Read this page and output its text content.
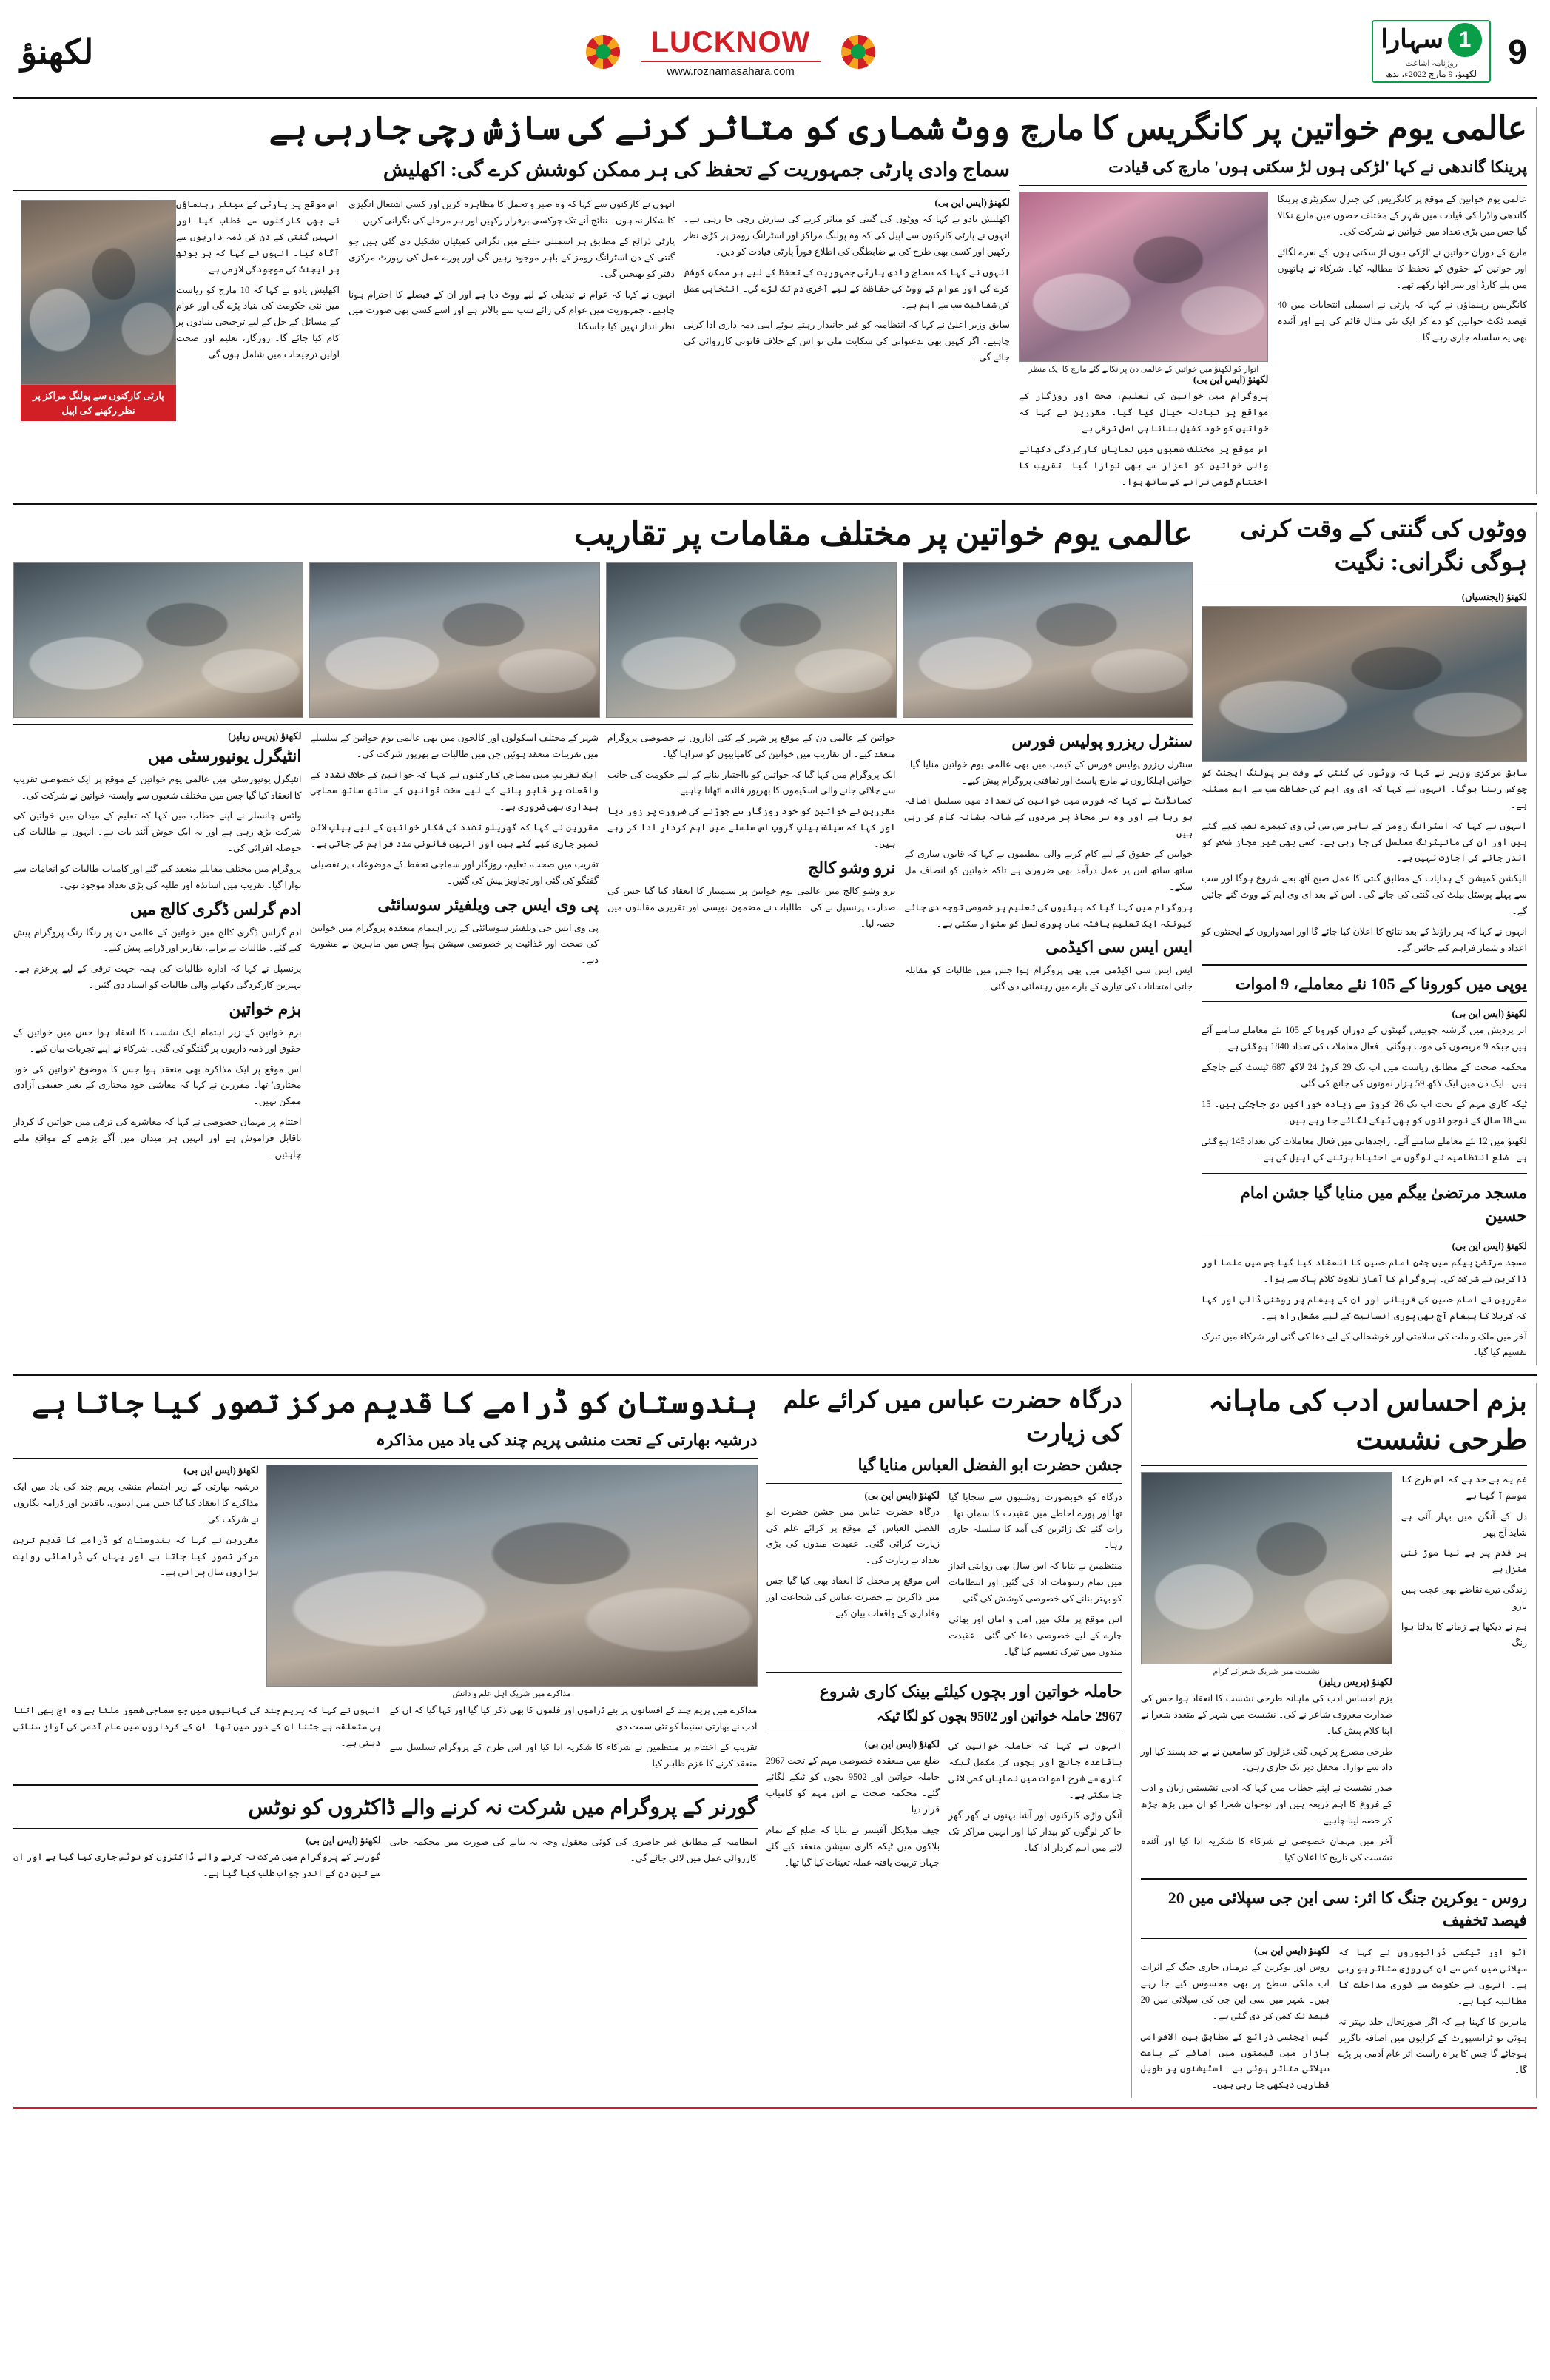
9
1
سہارا
روزنامہ اشاعت
لکھنؤ، 9 مارچ 2022ء، بدھ
LUCKNOW
www.roznamasahara.com
لکھنؤ
عالمی یوم خواتین پر کانگریس کا مارچ
پرینکا گاندھی نے کہا 'لڑکی ہوں لڑ سکتی ہوں' مارچ کی قیادت

عالمی یوم خواتین کے موقع پر کانگریس کی جنرل سکریٹری پرینکا گاندھی واڈرا کی قیادت میں شہر کے مختلف حصوں میں مارچ نکالا گیا جس میں بڑی تعداد میں خواتین نے شرکت کی۔

مارچ کے دوران خواتین نے 'لڑکی ہوں لڑ سکتی ہوں' کے نعرے لگائے اور خواتین کے حقوق کے تحفظ کا مطالبہ کیا۔ شرکاء نے ہاتھوں میں پلے کارڈ اور بینر اٹھا رکھے تھے۔

کانگریس رہنماؤں نے کہا کہ پارٹی نے اسمبلی انتخابات میں 40 فیصد ٹکٹ خواتین کو دے کر ایک نئی مثال قائم کی ہے اور آئندہ بھی یہ سلسلہ جاری رہے گا۔

اتوار کو لکھنؤ میں خواتین کے عالمی دن پر نکالے گئے مارچ کا ایک منظر
لکھنؤ (ایس این بی)

پروگرام میں خواتین کی تعلیم، صحت اور روزگار کے مواقع پر تبادلہ خیال کیا گیا۔ مقررین نے کہا کہ خواتین کو خود کفیل بنانا ہی اصل ترقی ہے۔

اس موقع پر مختلف شعبوں میں نمایاں کارکردگی دکھانے والی خواتین کو اعزاز سے بھی نوازا گیا۔ تقریب کا اختتام قومی ترانے کے ساتھ ہوا۔

ووٹ شماری کو متاثر کرنے کی سازش رچی جارہی ہے
سماج وادی پارٹی جمہوریت کے تحفظ کی ہر ممکن کوشش کرے گی: اکھلیش
لکھنؤ (ایس این بی)

اکھلیش یادو نے کہا کہ ووٹوں کی گنتی کو متاثر کرنے کی سازش رچی جا رہی ہے۔ انہوں نے پارٹی کارکنوں سے اپیل کی کہ وہ پولنگ مراکز اور اسٹرانگ رومز پر کڑی نظر رکھیں اور کسی بھی طرح کی بے ضابطگی کی اطلاع فوراً پارٹی قیادت کو دیں۔

انہوں نے کہا کہ سماج وادی پارٹی جمہوریت کے تحفظ کے لیے ہر ممکن کوشش کرے گی اور عوام کے ووٹ کی حفاظت کے لیے آخری دم تک لڑے گی۔ انتخابی عمل کی شفافیت سب سے اہم ہے۔

سابق وزیر اعلیٰ نے کہا کہ انتظامیہ کو غیر جانبدار رہتے ہوئے اپنی ذمہ داری ادا کرنی چاہیے۔ اگر کہیں بھی بدعنوانی کی شکایت ملی تو اس کے خلاف قانونی کارروائی کی جائے گی۔

انہوں نے کارکنوں سے کہا کہ وہ صبر و تحمل کا مظاہرہ کریں اور کسی اشتعال انگیزی کا شکار نہ ہوں۔ نتائج آنے تک چوکسی برقرار رکھیں اور ہر مرحلے کی نگرانی کریں۔

پارٹی ذرائع کے مطابق ہر اسمبلی حلقے میں نگرانی کمیٹیاں تشکیل دی گئی ہیں جو گنتی کے دن اسٹرانگ رومز کے باہر موجود رہیں گی اور پورے عمل کی رپورٹ مرکزی دفتر کو بھیجیں گی۔

انہوں نے کہا کہ عوام نے تبدیلی کے لیے ووٹ دیا ہے اور ان کے فیصلے کا احترام ہونا چاہیے۔ جمہوریت میں عوام کی رائے سب سے بالاتر ہے اور اسے کسی بھی صورت میں نظر انداز نہیں کیا جاسکتا۔

پارٹی کارکنوں سے پولنگ مراکز پر نظر رکھنے کی اپیل

اس موقع پر پارٹی کے سینئر رہنماؤں نے بھی کارکنوں سے خطاب کیا اور انہیں گنتی کے دن کی ذمہ داریوں سے آگاہ کیا۔ انہوں نے کہا کہ ہر بوتھ پر ایجنٹ کی موجودگی لازمی ہے۔

اکھلیش یادو نے کہا کہ 10 مارچ کو ریاست میں نئی حکومت کی بنیاد پڑے گی اور عوام کے مسائل کے حل کے لیے ترجیحی بنیادوں پر کام کیا جائے گا۔ روزگار، تعلیم اور صحت اولین ترجیحات میں شامل ہوں گی۔

ووٹوں کی گنتی کے وقت کرنی ہوگی نگرانی: نگیت
لکھنؤ (ایجنسیاں)

سابق مرکزی وزیر نے کہا کہ ووٹوں کی گنتی کے وقت ہر پولنگ ایجنٹ کو چوکس رہنا ہوگا۔ انہوں نے کہا کہ ای وی ایم کی حفاظت سب سے اہم مسئلہ ہے۔

انہوں نے کہا کہ اسٹرانگ رومز کے باہر سی سی ٹی وی کیمرے نصب کیے گئے ہیں اور ان کی مانیٹرنگ مسلسل کی جا رہی ہے۔ کسی بھی غیر مجاز شخص کو اندر جانے کی اجازت نہیں ہے۔

الیکشن کمیشن کے ہدایات کے مطابق گنتی کا عمل صبح آٹھ بجے شروع ہوگا اور سب سے پہلے پوسٹل بیلٹ کی گنتی کی جائے گی۔ اس کے بعد ای وی ایم کے ووٹ گنے جائیں گے۔

انہوں نے کہا کہ ہر راؤنڈ کے بعد نتائج کا اعلان کیا جائے گا اور امیدواروں کے ایجنٹوں کو اعداد و شمار فراہم کیے جائیں گے۔

یوپی میں کورونا کے 105 نئے معاملے، 9 اموات
لکھنؤ (ایس این بی)

اتر پردیش میں گزشتہ چوبیس گھنٹوں کے دوران کورونا کے 105 نئے معاملے سامنے آئے ہیں جبکہ 9 مریضوں کی موت ہوگئی۔ فعال معاملات کی تعداد 1840 ہوگئی ہے۔

محکمہ صحت کے مطابق ریاست میں اب تک 29 کروڑ 24 لاکھ 687 ٹیسٹ کیے جاچکے ہیں۔ ایک دن میں ایک لاکھ 59 ہزار نمونوں کی جانچ کی گئی۔

ٹیکہ کاری مہم کے تحت اب تک 26 کروڑ سے زیادہ خوراکیں دی جاچکی ہیں۔ 15 سے 18 سال کے نوجوانوں کو بھی ٹیکے لگائے جا رہے ہیں۔

لکھنؤ میں 12 نئے معاملے سامنے آئے۔ راجدھانی میں فعال معاملات کی تعداد 145 ہوگئی ہے۔ ضلع انتظامیہ نے لوگوں سے احتیاط برتنے کی اپیل کی ہے۔

مسجد مرتضیٰ بیگم میں منایا گیا جشن امام حسین
لکھنؤ (ایس این بی)

مسجد مرتضیٰ بیگم میں جشن امام حسین کا انعقاد کیا گیا جس میں علما اور ذاکرین نے شرکت کی۔ پروگرام کا آغاز تلاوت کلام پاک سے ہوا۔

مقررین نے امام حسین کی قربانی اور ان کے پیغام پر روشنی ڈالی اور کہا کہ کربلا کا پیغام آج بھی پوری انسانیت کے لیے مشعل راہ ہے۔

آخر میں ملک و ملت کی سلامتی اور خوشحالی کے لیے دعا کی گئی اور شرکاء میں تبرک تقسیم کیا گیا۔

عالمی یوم خواتین پر مختلف مقامات پر تقاریب
سنٹرل ریزرو پولیس فورس

سنٹرل ریزرو پولیس فورس کے کیمپ میں بھی عالمی یوم خواتین منایا گیا۔ خواتین اہلکاروں نے مارچ پاسٹ اور ثقافتی پروگرام پیش کیے۔

کمانڈنٹ نے کہا کہ فورس میں خواتین کی تعداد میں مسلسل اضافہ ہو رہا ہے اور وہ ہر محاذ پر مردوں کے شانہ بشانہ کام کر رہی ہیں۔

خواتین کے حقوق کے لیے کام کرنے والی تنظیموں نے کہا کہ قانون سازی کے ساتھ ساتھ اس پر عمل درآمد بھی ضروری ہے تاکہ خواتین کو انصاف مل سکے۔

پروگرام میں کہا گیا کہ بیٹیوں کی تعلیم پر خصوصی توجہ دی جائے کیونکہ ایک تعلیم یافتہ ماں پوری نسل کو سنوار سکتی ہے۔

ایس ایس سی اکیڈمی

ایس ایس سی اکیڈمی میں بھی پروگرام ہوا جس میں طالبات کو مقابلہ جاتی امتحانات کی تیاری کے بارے میں رہنمائی دی گئی۔

خواتین کے عالمی دن کے موقع پر شہر کے کئی اداروں نے خصوصی پروگرام منعقد کیے۔ ان تقاریب میں خواتین کی کامیابیوں کو سراہا گیا۔

ایک پروگرام میں کہا گیا کہ خواتین کو بااختیار بنانے کے لیے حکومت کی جانب سے چلائی جانے والی اسکیموں کا بھرپور فائدہ اٹھانا چاہیے۔

مقررین نے خواتین کو خود روزگار سے جوڑنے کی ضرورت پر زور دیا اور کہا کہ سیلف ہیلپ گروپ اس سلسلے میں اہم کردار ادا کر رہے ہیں۔

نرو وشو کالج

نرو وشو کالج میں عالمی یوم خواتین پر سیمینار کا انعقاد کیا گیا جس کی صدارت پرنسپل نے کی۔ طالبات نے مضمون نویسی اور تقریری مقابلوں میں حصہ لیا۔

شہر کے مختلف اسکولوں اور کالجوں میں بھی عالمی یوم خواتین کے سلسلے میں تقریبات منعقد ہوئیں جن میں طالبات نے بھرپور شرکت کی۔

ایک تقریب میں سماجی کارکنوں نے کہا کہ خواتین کے خلاف تشدد کے واقعات پر قابو پانے کے لیے سخت قوانین کے ساتھ ساتھ سماجی بیداری بھی ضروری ہے۔

مقررین نے کہا کہ گھریلو تشدد کی شکار خواتین کے لیے ہیلپ لائن نمبر جاری کیے گئے ہیں اور انہیں قانونی مدد فراہم کی جاتی ہے۔

تقریب میں صحت، تعلیم، روزگار اور سماجی تحفظ کے موضوعات پر تفصیلی گفتگو کی گئی اور تجاویز پیش کی گئیں۔

پی وی ایس جی ویلفیئر سوسائٹی

پی وی ایس جی ویلفیئر سوسائٹی کے زیر اہتمام منعقدہ پروگرام میں خواتین کی صحت اور غذائیت پر خصوصی سیشن ہوا جس میں ماہرین نے مشورے دیے۔

لکھنؤ (پریس ریلیز)
انٹیگرل یونیورسٹی میں

انٹیگرل یونیورسٹی میں عالمی یوم خواتین کے موقع پر ایک خصوصی تقریب کا انعقاد کیا گیا جس میں مختلف شعبوں سے وابستہ خواتین نے شرکت کی۔

وائس چانسلر نے اپنے خطاب میں کہا کہ تعلیم کے میدان میں خواتین کی شرکت بڑھ رہی ہے اور یہ ایک خوش آئند بات ہے۔ انہوں نے طالبات کی حوصلہ افزائی کی۔

پروگرام میں مختلف مقابلے منعقد کیے گئے اور کامیاب طالبات کو انعامات سے نوازا گیا۔ تقریب میں اساتذہ اور طلبہ کی بڑی تعداد موجود تھی۔

ادم گرلس ڈگری کالج میں

ادم گرلس ڈگری کالج میں خواتین کے عالمی دن پر رنگا رنگ پروگرام پیش کیے گئے۔ طالبات نے ترانے، تقاریر اور ڈرامے پیش کیے۔

پرنسپل نے کہا کہ ادارہ طالبات کی ہمہ جہت ترقی کے لیے پرعزم ہے۔ بہترین کارکردگی دکھانے والی طالبات کو اسناد دی گئیں۔

بزم خواتین

بزم خواتین کے زیر اہتمام ایک نشست کا انعقاد ہوا جس میں خواتین کے حقوق اور ذمہ داریوں پر گفتگو کی گئی۔ شرکاء نے اپنے تجربات بیان کیے۔

اس موقع پر ایک مذاکرہ بھی منعقد ہوا جس کا موضوع 'خواتین کی خود مختاری' تھا۔ مقررین نے کہا کہ معاشی خود مختاری کے بغیر حقیقی آزادی ممکن نہیں۔

اختتام پر مہمان خصوصی نے کہا کہ معاشرے کی ترقی میں خواتین کا کردار ناقابل فراموش ہے اور انہیں ہر میدان میں آگے بڑھنے کے مواقع ملنے چاہئیں۔

بزم احساس ادب کی ماہانہ طرحی نشست

غم یہ بے حد ہے کہ اس طرح کا موسم آ گیا ہے

دل کے آنگن میں بہار آئی ہے شاید آج پھر

ہر قدم پر ہے نیا موڑ نئی منزل ہے

زندگی تیرے تقاضے بھی عجب ہیں یارو

ہم نے دیکھا ہے زمانے کا بدلتا ہوا رنگ

نشست میں شریک شعرائے کرام
لکھنؤ (پریس ریلیز)

بزم احساس ادب کی ماہانہ طرحی نشست کا انعقاد ہوا جس کی صدارت معروف شاعر نے کی۔ نشست میں شہر کے متعدد شعرا نے اپنا کلام پیش کیا۔

طرحی مصرع پر کہی گئی غزلوں کو سامعین نے بے حد پسند کیا اور داد سے نوازا۔ محفل دیر تک جاری رہی۔

صدر نشست نے اپنے خطاب میں کہا کہ ادبی نشستیں زبان و ادب کے فروغ کا اہم ذریعہ ہیں اور نوجوان شعرا کو ان میں بڑھ چڑھ کر حصہ لینا چاہیے۔

آخر میں مہمان خصوصی نے شرکاء کا شکریہ ادا کیا اور آئندہ نشست کی تاریخ کا اعلان کیا۔

روس - یوکرین جنگ کا اثر: سی این جی سپلائی میں 20 فیصد تخفیف

آٹو اور ٹیکسی ڈرائیوروں نے کہا کہ سپلائی میں کمی سے ان کی روزی متاثر ہو رہی ہے۔ انہوں نے حکومت سے فوری مداخلت کا مطالبہ کیا ہے۔

ماہرین کا کہنا ہے کہ اگر صورتحال جلد بہتر نہ ہوئی تو ٹرانسپورٹ کے کرایوں میں اضافہ ناگزیر ہوجائے گا جس کا براہ راست اثر عام آدمی پر پڑے گا۔

لکھنؤ (ایس این بی)

روس اور یوکرین کے درمیان جاری جنگ کے اثرات اب ملکی سطح پر بھی محسوس کیے جا رہے ہیں۔ شہر میں سی این جی کی سپلائی میں 20 فیصد تک کمی کر دی گئی ہے۔

گیس ایجنسی ذرائع کے مطابق بین الاقوامی بازار میں قیمتوں میں اضافے کے باعث سپلائی متاثر ہوئی ہے۔ اسٹیشنوں پر طویل قطاریں دیکھی جا رہی ہیں۔

درگاہ حضرت عباس میں کرائے علم کی زیارت
جشن حضرت ابو الفضل العباس منایا گیا

درگاہ کو خوبصورت روشنیوں سے سجایا گیا تھا اور پورے احاطے میں عقیدت کا سماں تھا۔ رات گئے تک زائرین کی آمد کا سلسلہ جاری رہا۔

منتظمین نے بتایا کہ اس سال بھی روایتی انداز میں تمام رسومات ادا کی گئیں اور انتظامات کو بہتر بنانے کی خصوصی کوشش کی گئی۔

اس موقع پر ملک میں امن و امان اور بھائی چارے کے لیے خصوصی دعا کی گئی۔ عقیدت مندوں میں تبرک تقسیم کیا گیا۔

لکھنؤ (ایس این بی)

درگاہ حضرت عباس میں جشن حضرت ابو الفضل العباس کے موقع پر کرائے علم کی زیارت کرائی گئی۔ عقیدت مندوں کی بڑی تعداد نے زیارت کی۔

اس موقع پر محفل کا انعقاد بھی کیا گیا جس میں ذاکرین نے حضرت عباس کی شجاعت اور وفاداری کے واقعات بیان کیے۔

حاملہ خواتین اور بچوں کیلئے بینک کاری شروع
2967 حاملہ خواتین اور 9502 بچوں کو لگا ٹیکہ

انہوں نے کہا کہ حاملہ خواتین کی باقاعدہ جانچ اور بچوں کی مکمل ٹیکہ کاری سے شرح اموات میں نمایاں کمی لائی جا سکتی ہے۔

آنگن واڑی کارکنوں اور آشا بہنوں نے گھر گھر جا کر لوگوں کو بیدار کیا اور انہیں مراکز تک لانے میں اہم کردار ادا کیا۔

لکھنؤ (ایس این بی)

ضلع میں منعقدہ خصوصی مہم کے تحت 2967 حاملہ خواتین اور 9502 بچوں کو ٹیکے لگائے گئے۔ محکمہ صحت نے اس مہم کو کامیاب قرار دیا۔

چیف میڈیکل آفیسر نے بتایا کہ ضلع کے تمام بلاکوں میں ٹیکہ کاری سیشن منعقد کیے گئے جہاں تربیت یافتہ عملہ تعینات کیا گیا تھا۔

ہندوستان کو ڈرامے کا قدیم مرکز تصور کیا جاتا ہے
درشیہ بھارتی کے تحت منشی پریم چند کی یاد میں مذاکرہ
مذاکرے میں شریک اہل علم و دانش
لکھنؤ (ایس این بی)

درشیہ بھارتی کے زیر اہتمام منشی پریم چند کی یاد میں ایک مذاکرے کا انعقاد کیا گیا جس میں ادیبوں، ناقدین اور ڈرامہ نگاروں نے شرکت کی۔

مقررین نے کہا کہ ہندوستان کو ڈرامے کا قدیم ترین مرکز تصور کیا جاتا ہے اور یہاں کی ڈرامائی روایت ہزاروں سال پرانی ہے۔

مذاکرے میں پریم چند کے افسانوں پر بنے ڈراموں اور فلموں کا بھی ذکر کیا گیا اور کہا گیا کہ ان کے ادب نے بھارتی سنیما کو نئی سمت دی۔

تقریب کے اختتام پر منتظمین نے شرکاء کا شکریہ ادا کیا اور اس طرح کے پروگرام تسلسل سے منعقد کرنے کا عزم ظاہر کیا۔

انہوں نے کہا کہ پریم چند کی کہانیوں میں جو سماجی شعور ملتا ہے وہ آج بھی اتنا ہی متعلقہ ہے جتنا ان کے دور میں تھا۔ ان کے کرداروں میں عام آدمی کی آواز سنائی دیتی ہے۔

گورنر کے پروگرام میں شرکت نہ کرنے والے ڈاکٹروں کو نوٹس

انتظامیہ کے مطابق غیر حاضری کی کوئی معقول وجہ نہ بتانے کی صورت میں محکمہ جاتی کارروائی عمل میں لائی جائے گی۔

لکھنؤ (ایس این بی)

گورنر کے پروگرام میں شرکت نہ کرنے والے ڈاکٹروں کو نوٹس جاری کیا گیا ہے اور ان سے تین دن کے اندر جواب طلب کیا گیا ہے۔
